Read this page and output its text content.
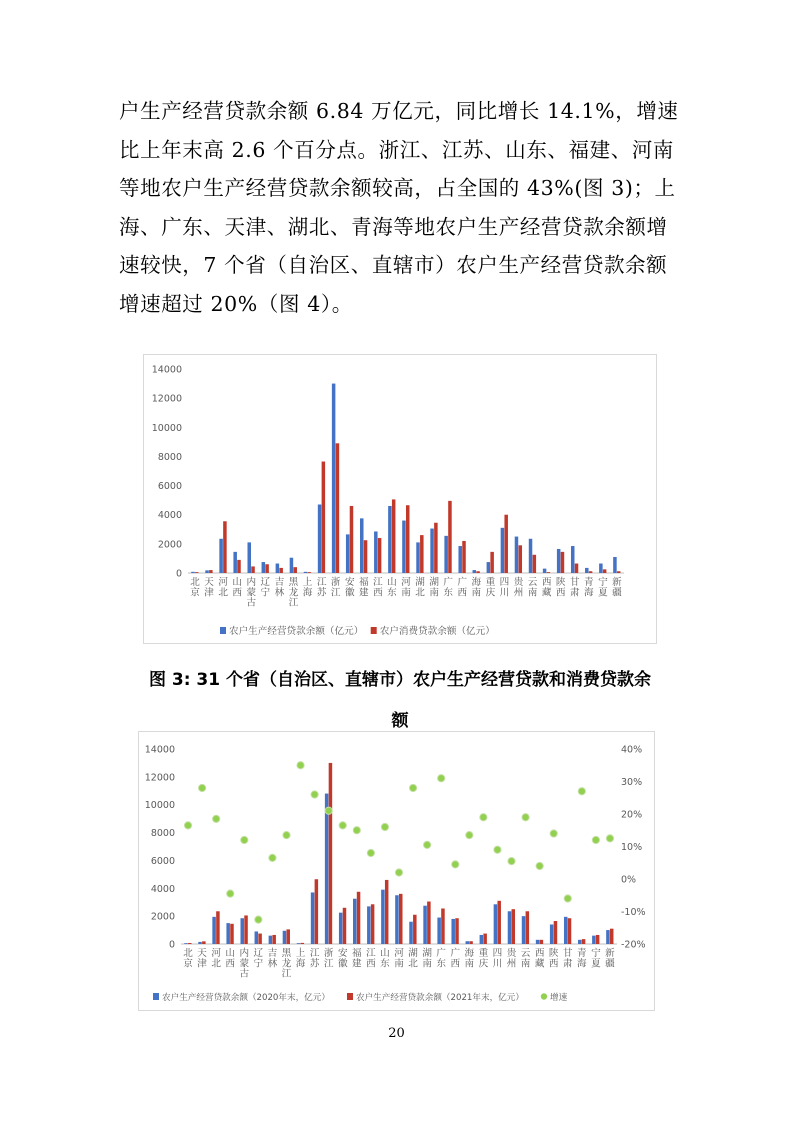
户生产经营贷款余额 6.84 万亿元，同比增长 14.1%，增速比上年末高 2.6 个百分点。浙江、江苏、山东、福建、河南等地农户生产经营贷款余额较高，占全国的 43%(图 3)；上海、广东、天津、湖北、青海等地农户生产经营贷款余额增速较快，7 个省（自治区、直辖市）农户生产经营贷款余额增速超过 20%（图 4）。
0
2000
4000
6000
8000
10000
12000
14000
北
京
天
津
河
北
山
西
内
蒙
古
辽
宁
吉
林
黑
龙
江
上
海
江
苏
浙
江
安
徽
福
建
江
西
山
东
河
南
湖
北
湖
南
广
东
广
西
海
南
重
庆
四
川
贵
州
云
南
西
藏
陕
西
甘
肃
青
海
宁
夏
新
疆
农户生产经营贷款余额（亿元） 农户消费贷款余额（亿元）
图 3: 31 个省（自治区、直辖市）农户生产经营贷款和消费贷款余
额
0
2000
4000
6000
8000
10000
12000
14000
北
京
天
津
河
北
山
西
内
蒙
古
辽
宁
吉
林
黑
龙
江
上
海
江
苏
浙
江
安
徽
福
建
江
西
山
东
河
南
湖
北
湖
南
广
东
广
西
海
南
重
庆
四
川
贵
州
云
南
西
藏
陕
西
甘
肃
青
海
宁
夏
新
疆
-20%
-10%
0%
10%
20%
30%
40%
农户生产经营贷款余额（2020年末，亿元）	农户生产经营贷款余额（2021年末，亿元）	增速
20
